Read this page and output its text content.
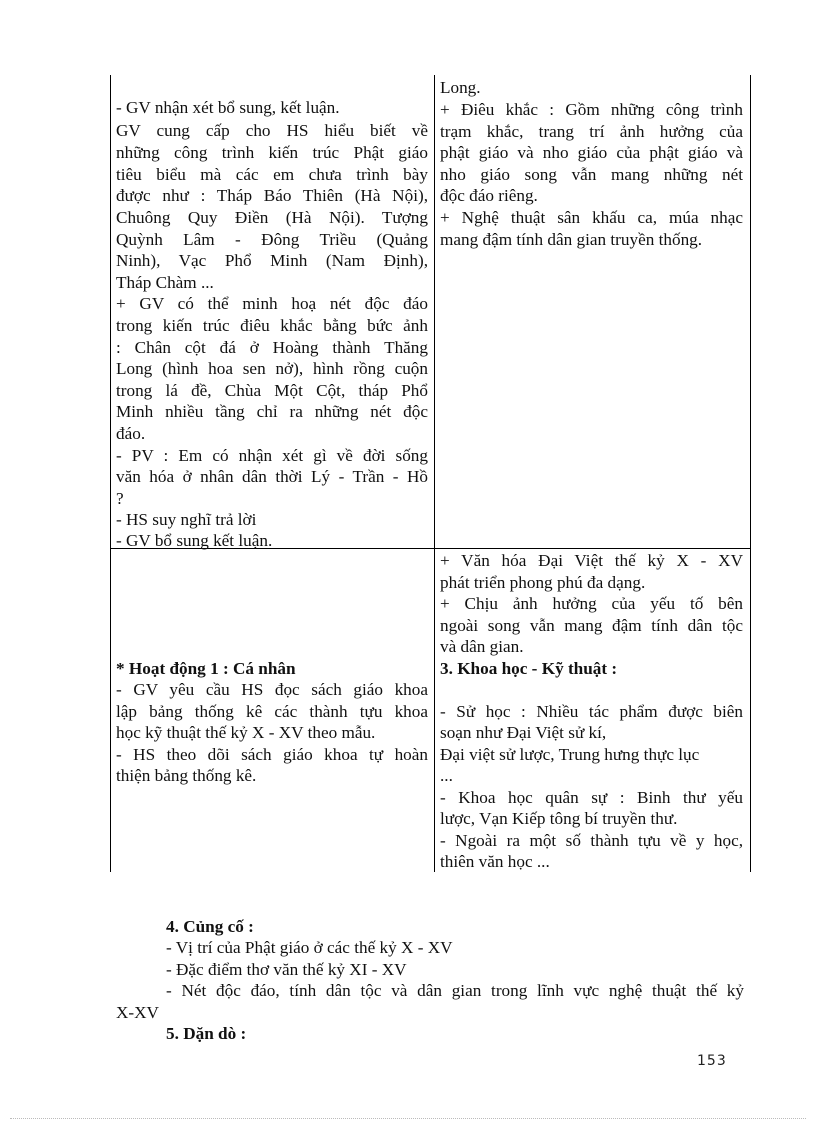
- GV nhận xét bổ sung, kết luận.
GV cung cấp cho HS hiểu biết về
những công trình kiến trúc Phật giáo
tiêu biểu mà các em chưa trình bày
được như : Tháp Báo Thiên (Hà Nội),
Chuông Quy Điền (Hà Nội). Tượng
Quỳnh Lâm - Đông Triều (Quảng
Ninh), Vạc Phổ Minh (Nam Định),
Tháp Chàm ...
+ GV có thể minh hoạ nét độc đáo
trong kiến trúc điêu khắc bằng bức ảnh
: Chân cột đá ở Hoàng thành Thăng
Long (hình hoa sen nở), hình rồng cuộn
trong lá đề, Chùa Một Cột, tháp Phổ
Minh nhiều tầng chỉ ra những nét độc
đáo.
- PV : Em có nhận xét gì về đời sống
văn hóa ở nhân dân thời Lý - Trần - Hồ
?
- HS suy nghĩ trả lời
- GV bổ sung kết luận.
* Hoạt động 1 : Cá nhân
- GV yêu cầu HS đọc sách giáo khoa
lập bảng thống kê các thành tựu khoa
học kỹ thuật thế kỷ X - XV theo mẫu.
- HS theo dõi sách giáo khoa tự hoàn
thiện bảng thống kê.
Long.
+ Điêu khắc : Gồm những công trình
trạm khắc, trang trí ảnh hưởng của
phật giáo và nho giáo của phật giáo và
nho giáo song vẫn mang những nét
độc đáo riêng.
+ Nghệ thuật sân khấu ca, múa nhạc
mang đậm tính dân gian truyền thống.
+ Văn hóa Đại Việt thế kỷ X - XV
phát triển phong phú đa dạng.
+ Chịu ảnh hưởng của yếu tố bên
ngoài song vẫn mang đậm tính dân tộc
và dân gian.
3. Khoa học - Kỹ thuật :
- Sử học : Nhiều tác phẩm được biên
soạn như Đại Việt sử kí,
Đại việt sử lược, Trung hưng thực lục
...
- Khoa học quân sự : Binh thư yếu
lược, Vạn Kiếp tông bí truyền thư.
- Ngoài ra một số thành tựu về y học,
thiên văn học ...
4. Củng cố :
- Vị trí của Phật giáo ở các thế kỷ X - XV
- Đặc điểm thơ văn thế kỷ XI - XV
- Nét độc đáo, tính dân tộc và dân gian trong lĩnh vực nghệ thuật thế kỷ
X-XV
5. Dặn dò :
153
